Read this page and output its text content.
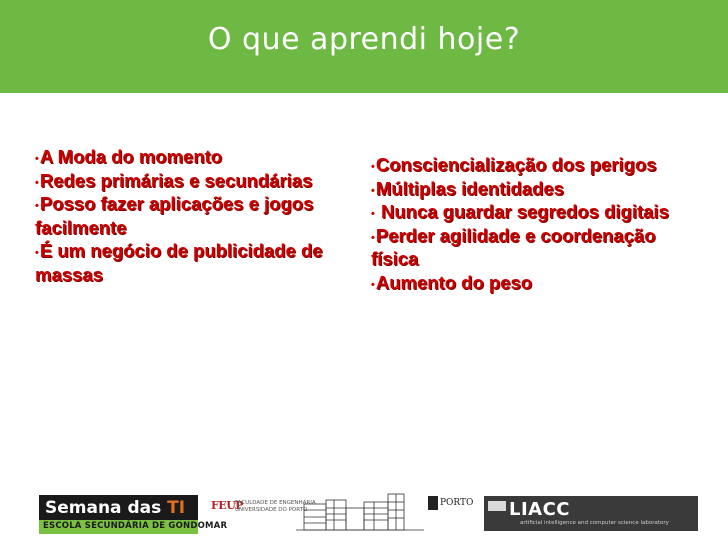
O que aprendi hoje?
•A Moda do momento
•Redes primárias e secundárias
•Posso fazer aplicações e jogos facilmente
•É um negócio de publicidade de massas
•Consciencialização dos perigos
•Múltiplas identidades
• Nunca guardar segredos digitais
•Perder agilidade e coordenação física
•Aumento do peso
Semana das TI
ESCOLA SECUNDÁRIA DE GONDOMAR
FEUP
FACULDADE DE ENGENHARIA
UNIVERSIDADE DO PORTO
PORTO LIACC
artificial intelligence and computer science laboratory
